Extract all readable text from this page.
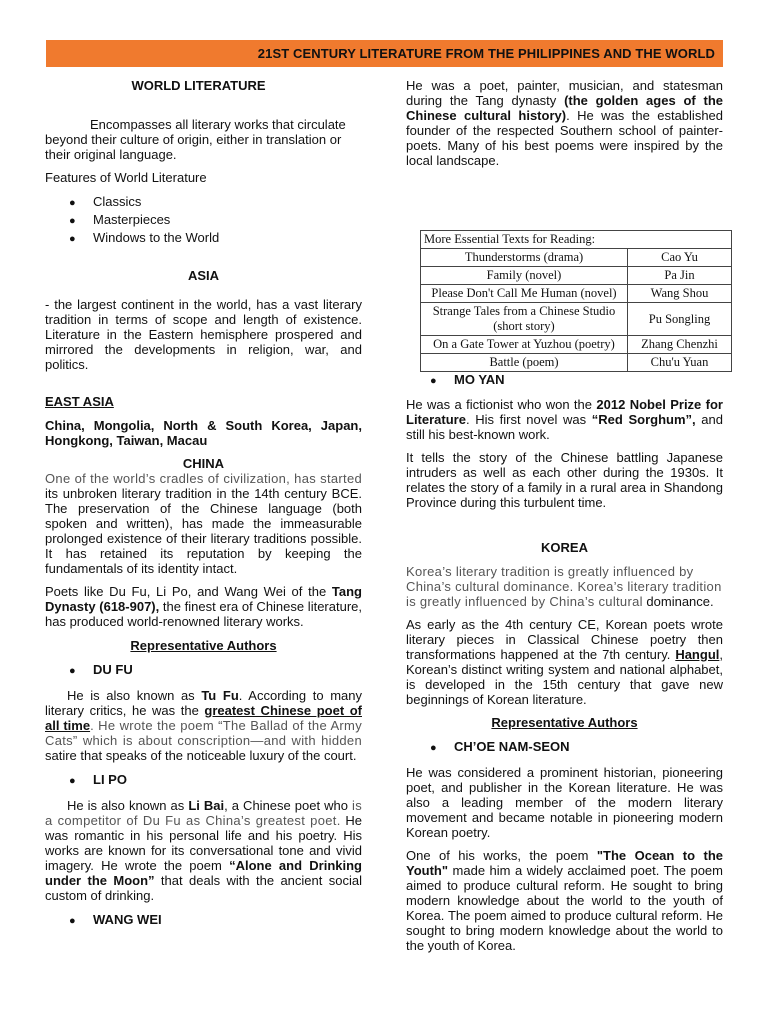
21ST CENTURY LITERATURE FROM THE PHILIPPINES AND THE WORLD

WORLD LITERATURE

Encompasses all literary works that circulate beyond their culture of origin, either in translation or their original language.

Features of World Literature

●	Classics
●	Masterpieces
●	Windows to the World

ASIA

- the largest continent in the world, has a vast literary tradition in terms of scope and length of existence. Literature in the Eastern hemisphere prospered and mirrored the developments in religion, war, and politics.

EAST ASIA

China, Mongolia, North & South Korea, Japan, Hongkong, Taiwan, Macau

CHINA

One of the world’s cradles of civilization, has started its unbroken literary tradition in the 14th century BCE. The preservation of the Chinese language (both spoken and written), has made the immeasurable prolonged existence of their literary traditions possible. It has retained its reputation by keeping the fundamentals of its identity intact.

Poets like Du Fu, Li Po, and Wang Wei of the Tang Dynasty (618-907), the finest era of Chinese literature, has produced world-renowned literary works.

Representative Authors

●	DU FU

He is also known as Tu Fu. According to many literary critics, he was the greatest Chinese poet of all time. He wrote the poem “The Ballad of the Army Cats” which is about conscription—and with hidden satire that speaks of the noticeable luxury of the court.

●	LI PO

He is also known as Li Bai, a Chinese poet who is a competitor of Du Fu as China’s greatest poet. He was romantic in his personal life and his poetry. His works are known for its conversational tone and vivid imagery. He wrote the poem “Alone and Drinking under the Moon” that deals with the ancient social custom of drinking.

●	WANG WEI

He was a poet, painter, musician, and statesman during the Tang dynasty (the golden ages of the Chinese cultural history). He was the established founder of the respected Southern school of painter-poets. Many of his best poems were inspired by the local landscape.

More Essential Texts for Reading:	
Thunderstorms (drama)	Cao Yu
Family (novel)	Pa Jin
Please Don't Call Me Human (novel)	Wang Shou
Strange Tales from a Chinese Studio (short story)	Pu Songling
On a Gate Tower at Yuzhou (poetry)	Zhang Chenzhi
Battle (poem)	Chu'u Yuan
●	MO YAN

He was a fictionist who won the 2012 Nobel Prize for Literature. His first novel was “Red Sorghum”, and still his best-known work.

It tells the story of the Chinese battling Japanese intruders as well as each other during the 1930s. It relates the story of a family in a rural area in Shandong Province during this turbulent time.

KOREA

Korea’s literary tradition is greatly influenced by China’s cultural dominance. Korea’s literary tradition is greatly influenced by China’s cultural dominance.

As early as the 4th century CE, Korean poets wrote literary pieces in Classical Chinese poetry then transformations happened at the 7th century. Hangul, Korean’s distinct writing system and national alphabet, is developed in the 15th century that gave new beginnings of Korean literature.

Representative Authors

●	CH’OE NAM-SEON

He was considered a prominent historian, pioneering poet, and publisher in the Korean literature. He was also a leading member of the modern literary movement and became notable in pioneering modern Korean poetry.

One of his works, the poem "The Ocean to the Youth" made him a widely acclaimed poet. The poem aimed to produce cultural reform. He sought to bring modern knowledge about the world to the youth of Korea. The poem aimed to produce cultural reform. He sought to bring modern knowledge about the world to the youth of Korea.
